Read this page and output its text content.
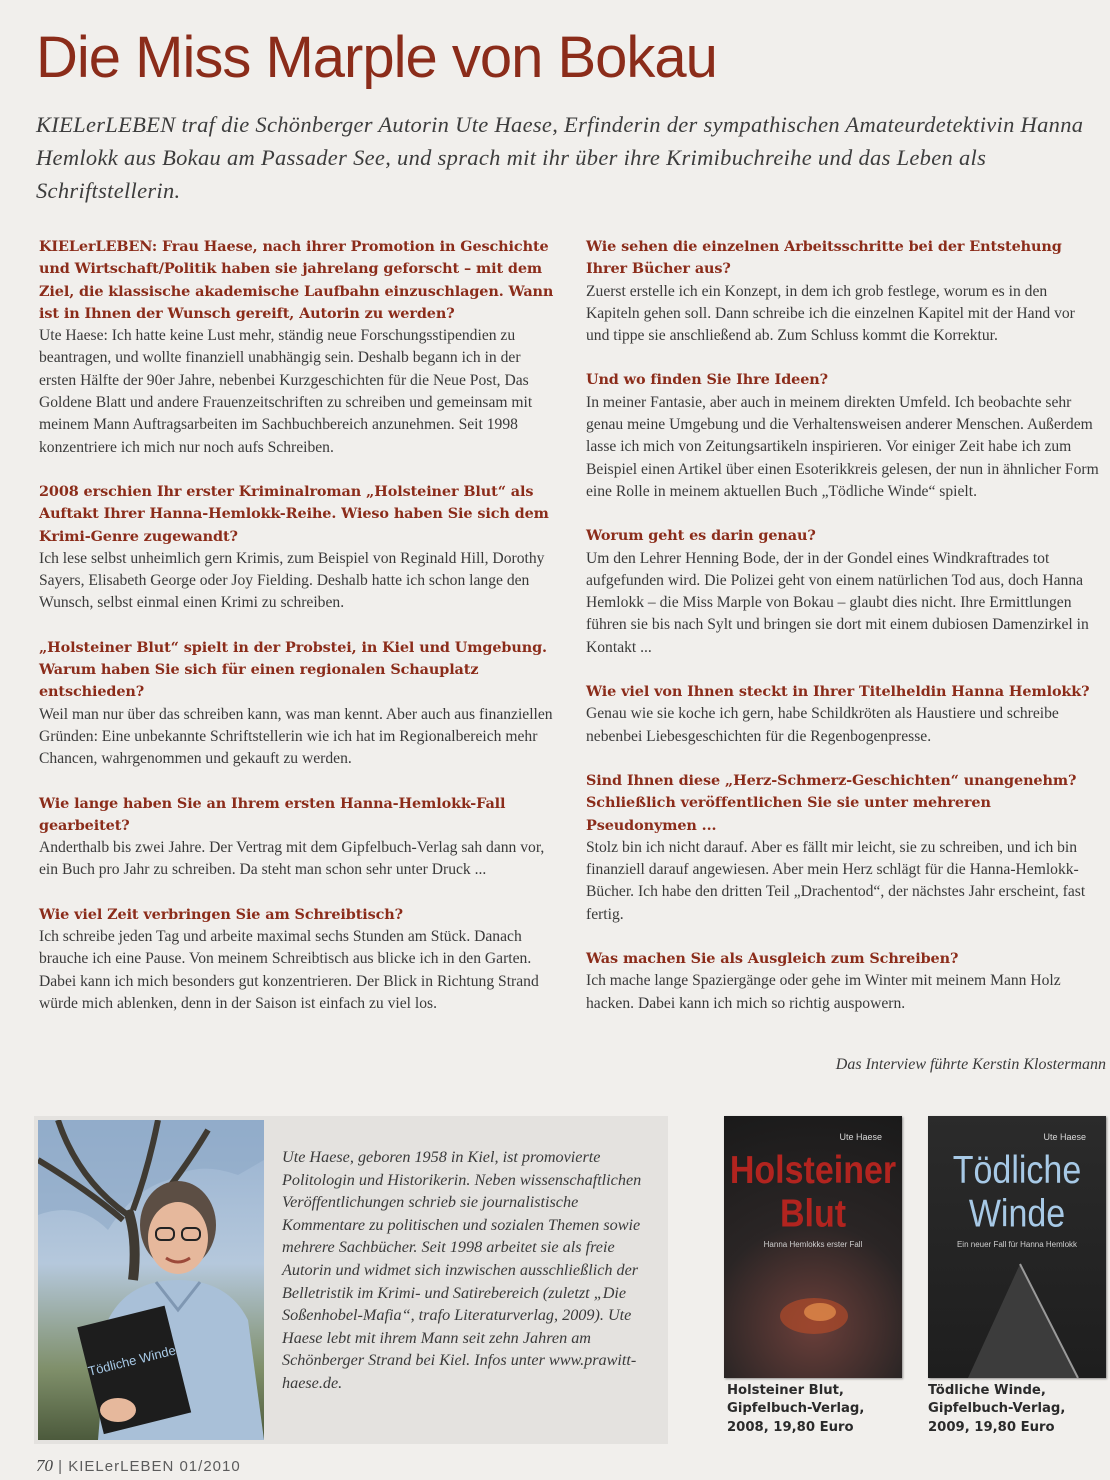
Die Miss Marple von Bokau

KIELerLEBEN traf die Schönberger Autorin Ute Haese, Erfinderin der sympathischen Amateurdetektivin Hanna Hemlokk aus Bokau am Passader See, und sprach mit ihr über ihre Krimibuchreihe und das Leben als Schriftstellerin.

KIELerLEBEN: Frau Haese, nach ihrer Promotion in Geschichte und Wirtschaft/Politik haben sie jahrelang geforscht – mit dem Ziel, die klassische akademische Laufbahn einzuschlagen. Wann ist in Ihnen der Wunsch gereift, Autorin zu werden?

Ute Haese: Ich hatte keine Lust mehr, ständig neue Forschungsstipendien zu beantragen, und wollte finanziell unabhängig sein. Deshalb begann ich in der ersten Hälfte der 90er Jahre, nebenbei Kurzgeschichten für die Neue Post, Das Goldene Blatt und andere Frauenzeitschriften zu schreiben und gemeinsam mit meinem Mann Auftragsarbeiten im Sachbuchbereich anzunehmen. Seit 1998 konzentriere ich mich nur noch aufs Schreiben.

2008 erschien Ihr erster Kriminalroman „Holsteiner Blut“ als Auftakt Ihrer Hanna-Hemlokk-Reihe. Wieso haben Sie sich dem Krimi-Genre zugewandt?

Ich lese selbst unheimlich gern Krimis, zum Beispiel von Reginald Hill, Dorothy Sayers, Elisabeth George oder Joy Fielding. Deshalb hatte ich schon lange den Wunsch, selbst einmal einen Krimi zu schreiben.

„Holsteiner Blut“ spielt in der Probstei, in Kiel und Umgebung. Warum haben Sie sich für einen regionalen Schauplatz entschieden?

Weil man nur über das schreiben kann, was man kennt. Aber auch aus finanziellen Gründen: Eine unbekannte Schriftstellerin wie ich hat im Regionalbereich mehr Chancen, wahrgenommen und gekauft zu werden.

Wie lange haben Sie an Ihrem ersten Hanna-Hemlokk-Fall gearbeitet?

Anderthalb bis zwei Jahre. Der Vertrag mit dem Gipfelbuch-Verlag sah dann vor, ein Buch pro Jahr zu schreiben. Da steht man schon sehr unter Druck ...

Wie viel Zeit verbringen Sie am Schreibtisch?

Ich schreibe jeden Tag und arbeite maximal sechs Stunden am Stück. Danach brauche ich eine Pause. Von meinem Schreibtisch aus blicke ich in den Garten. Dabei kann ich mich besonders gut konzentrieren. Der Blick in Richtung Strand würde mich ablenken, denn in der Saison ist einfach zu viel los.

Wie sehen die einzelnen Arbeitsschritte bei der Entstehung Ihrer Bücher aus?

Zuerst erstelle ich ein Konzept, in dem ich grob festlege, worum es in den Kapiteln gehen soll. Dann schreibe ich die einzelnen Kapitel mit der Hand vor und tippe sie anschließend ab. Zum Schluss kommt die Korrektur.

Und wo finden Sie Ihre Ideen?

In meiner Fantasie, aber auch in meinem direkten Umfeld. Ich beobachte sehr genau meine Umgebung und die Verhaltensweisen anderer Menschen. Außerdem lasse ich mich von Zeitungsartikeln inspirieren. Vor einiger Zeit habe ich zum Beispiel einen Artikel über einen Esoterikkreis gelesen, der nun in ähnlicher Form eine Rolle in meinem aktuellen Buch „Tödliche Winde“ spielt.

Worum geht es darin genau?

Um den Lehrer Henning Bode, der in der Gondel eines Windkraftrades tot aufgefunden wird. Die Polizei geht von einem natürlichen Tod aus, doch Hanna Hemlokk – die Miss Marple von Bokau – glaubt dies nicht. Ihre Ermittlungen führen sie bis nach Sylt und bringen sie dort mit einem dubiosen Damenzirkel in Kontakt ...

Wie viel von Ihnen steckt in Ihrer Titelheldin Hanna Hemlokk?

Genau wie sie koche ich gern, habe Schildkröten als Haustiere und schreibe nebenbei Liebesgeschichten für die Regenbogenpresse.

Sind Ihnen diese „Herz-Schmerz-Geschichten“ unangenehm? Schließlich veröffentlichen Sie sie unter mehreren Pseudonymen ...

Stolz bin ich nicht darauf. Aber es fällt mir leicht, sie zu schreiben, und ich bin finanziell darauf angewiesen. Aber mein Herz schlägt für die Hanna-Hemlokk-Bücher. Ich habe den dritten Teil „Drachentod“, der nächstes Jahr erscheint, fast fertig.

Was machen Sie als Ausgleich zum Schreiben?

Ich mache lange Spaziergänge oder gehe im Winter mit meinem Mann Holz hacken. Dabei kann ich mich so richtig auspowern.

Das Interview führte Kerstin Klostermann

Tödliche Winde

Ute Haese, geboren 1958 in Kiel, ist promovierte Politologin und Historikerin. Neben wissenschaftlichen Veröffentlichungen schrieb sie journalistische Kommentare zu politischen und sozialen Themen sowie mehrere Sachbücher. Seit 1998 arbeitet sie als freie Autorin und widmet sich inzwischen ausschließlich der Belletristik im Krimi- und Satirebereich (zuletzt „Die Soßenhobel-Mafia“, trafo Literaturverlag, 2009). Ute Haese lebt mit ihrem Mann seit zehn Jahren am Schönberger Strand bei Kiel. Infos unter www.prawitt-haese.de.

Ute Haese
Holsteiner
Blut
Hanna Hemlokks erster Fall
Ute Haese
Tödliche
Winde
Ein neuer Fall für Hanna Hemlokk
Holsteiner Blut,
Gipfelbuch-Verlag,
2008, 19,80 Euro
Tödliche Winde,
Gipfelbuch-Verlag,
2009, 19,80 Euro
70 | KIELerLEBEN 01/2010
